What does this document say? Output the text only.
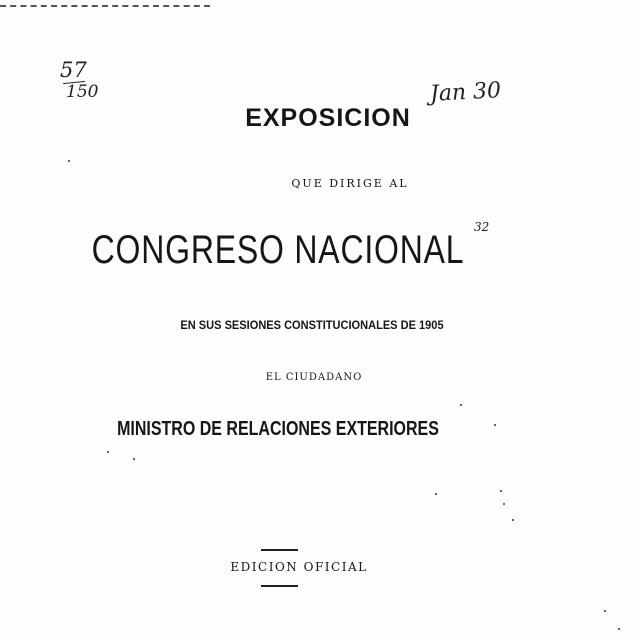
57
150	Jan 30
32
EXPOSICION
QUE DIRIGE AL
CONGRESO NACIONAL
EN SUS SESIONES CONSTITUCIONALES DE 1905
EL CIUDADANO
MINISTRO DE RELACIONES EXTERIORES
EDICION OFICIAL
